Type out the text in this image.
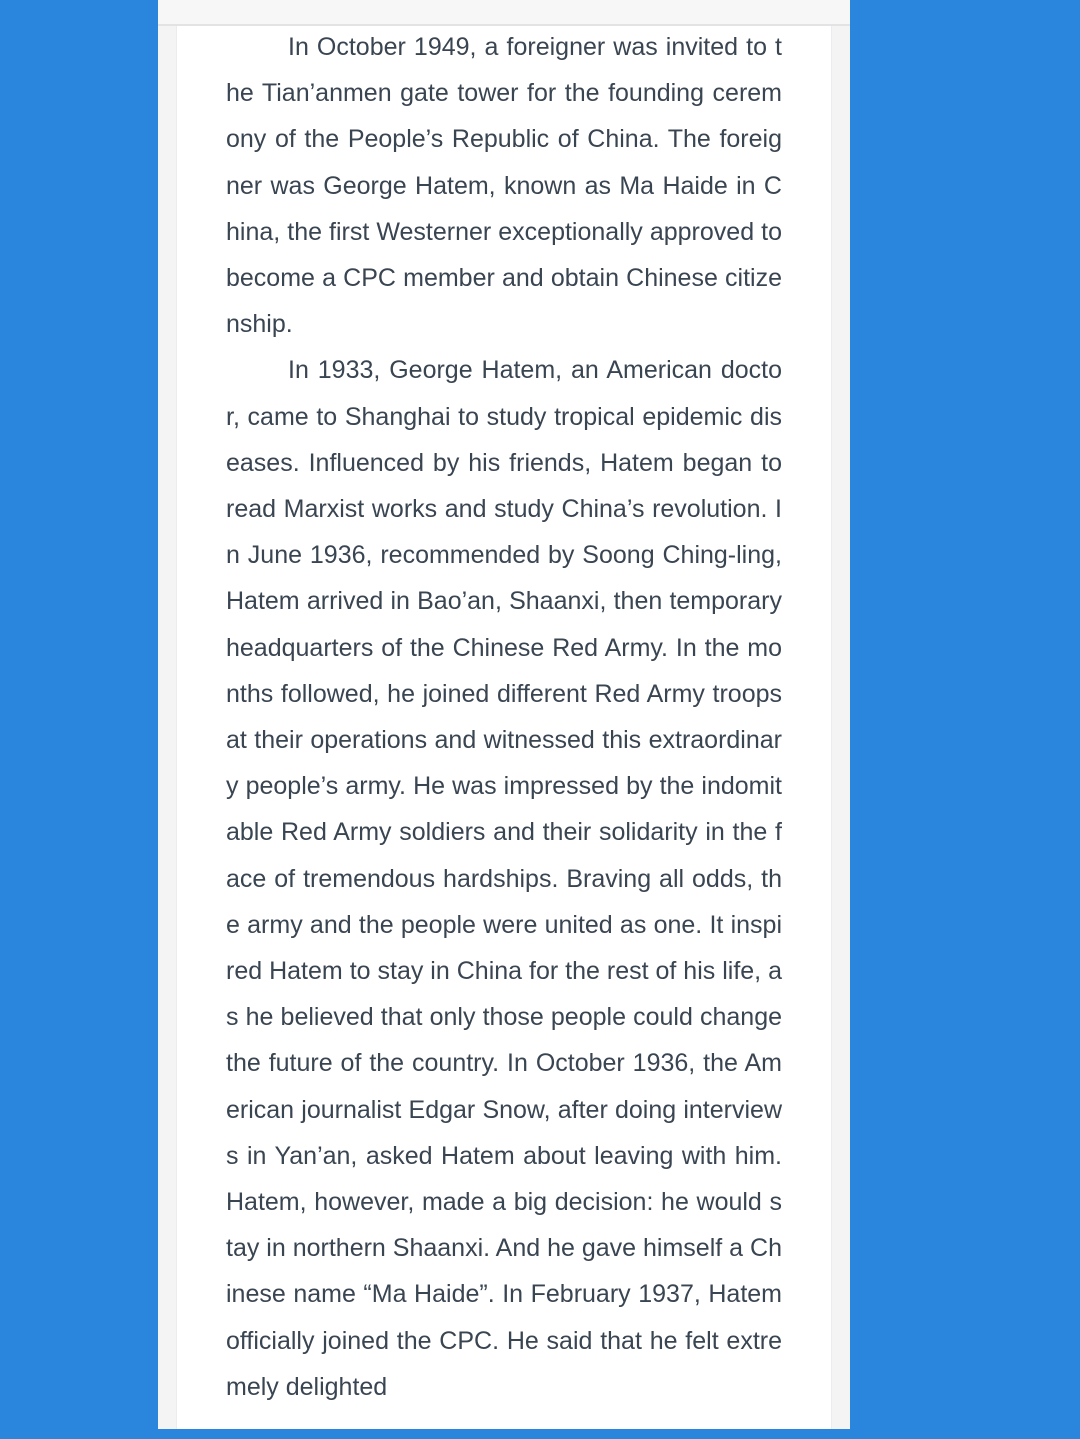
In October 1949, a foreigner was invited to the Tian’anmen gate tower for the founding ceremony of the People’s Republic of China. The foreigner was George Hatem, known as Ma Haide in China, the first Westerner exceptionally approved to become a CPC member and obtain Chinese citizenship.

In 1933, George Hatem, an American doctor, came to Shanghai to study tropical epidemic diseases. Influenced by his friends, Hatem began to read Marxist works and study China’s revolution. In June 1936, recommended by Soong Ching-ling, Hatem arrived in Bao’an, Shaanxi, then temporary headquarters of the Chinese Red Army. In the months followed, he joined different Red Army troops at their operations and witnessed this extraordinary people’s army. He was impressed by the indomitable Red Army soldiers and their solidarity in the face of tremendous hardships. Braving all odds, the army and the people were united as one. It inspired Hatem to stay in China for the rest of his life, as he believed that only those people could change the future of the country. In October 1936, the American journalist Edgar Snow, after doing interviews in Yan’an, asked Hatem about leaving with him. Hatem, however, made a big decision: he would stay in northern Shaanxi. And he gave himself a Chinese name “Ma Haide”. In February 1937, Hatem officially joined the CPC. He said that he felt extremely delighted
